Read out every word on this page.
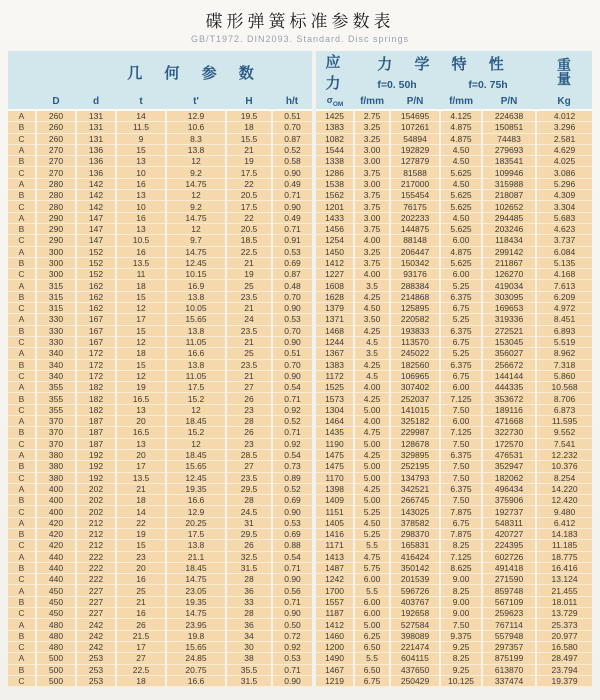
碟形弹簧标准参数表
GB/T1972. DIN2093. Standard. Disc springs
几 何 参 数							应 力	力 学 特 性				重
量

								f=0. 50h		f=0. 75h		
	D	d	t	t'	H	h/t	$\sigma_{OM}$	f/mm	P/N	f/mm	P/N	Kg
A	260	131	14	12.9	19.5	0.51	1425	2.75	154695	4.125	224638	4.012
B	260	131	11.5	10.6	18	0.70	1383	3.25	107261	4.875	150851	3.296
C	260	131	9	8.3	15.5	0.87	1082	3.25	54894	4.875	74483	2.581
A	270	136	15	13.8	21	0.52	1544	3.00	192829	4.50	279693	4.629
B	270	136	13	12	19	0.58	1338	3.00	127879	4.50	183541	4.025
C	270	136	10	9.2	17.5	0.90	1286	3.75	81588	5.625	109946	3.086
A	280	142	16	14.75	22	0.49	1538	3.00	217000	4.50	315988	5.296
B	280	142	13	12	20.5	0.71	1562	3.75	155454	5.625	218087	4.309
C	280	142	10	9.2	17.5	0.90	1201	3.75	76175	5.625	102652	3.304
A	290	147	16	14.75	22	0.49	1433	3.00	202233	4.50	294485	5.683
B	290	147	13	12	20.5	0.71	1456	3.75	144875	5.625	203246	4.623
C	290	147	10.5	9.7	18.5	0.91	1254	4.00	88148	6.00	118434	3.737
A	300	152	16	14.75	22.5	0.53	1450	3.25	206447	4.875	299142	6.084
B	300	152	13.5	12.45	21	0.69	1412	3.75	150342	5.625	211867	5.135
C	300	152	11	10.15	19	0.87	1227	4.00	93176	6.00	126270	4.168
A	315	162	18	16.9	25	0.48	1608	3.5	288384	5.25	419034	7.613
B	315	162	15	13.8	23.5	0.70	1628	4.25	214868	6.375	303095	6.209
C	315	162	12	10.05	21	0.90	1379	4.50	125895	6.75	169653	4.972
A	330	167	17	15.65	24	0.53	1371	3.50	220582	5.25	319336	8.451
B	330	167	15	13.8	23.5	0.70	1468	4.25	193833	6.375	272521	6.893
C	330	167	12	11.05	21	0.90	1244	4.5	113570	6.75	153045	5.519
A	340	172	18	16.6	25	0.51	1367	3.5	245022	5.25	356027	8.962
B	340	172	15	13.8	23.5	0.70	1383	4.25	182560	6.375	256672	7.318
C	340	172	12	11.05	21	0.90	1172	4.5	106965	6.75	144144	5.860
A	355	182	19	17.5	27	0.54	1525	4.00	307402	6.00	444335	10.568
B	355	182	16.5	15.2	26	0.71	1573	4.25	252037	7.125	353672	8.706
C	355	182	13	12	23	0.92	1304	5.00	141015	7.50	189116	6.873
A	370	187	20	18.45	28	0.52	1464	4.00	325182	6.00	471668	11.595
B	370	187	16.5	15.2	26	0.71	1435	4.75	229987	7.125	322730	9.552
C	370	187	13	12	23	0.92	1190	5.00	128678	7.50	172570	7.541
A	380	192	20	18.45	28.5	0.54	1475	4.25	329895	6.375	476531	12.232
B	380	192	17	15.65	27	0.73	1475	5.00	252195	7.50	352947	10.376
C	380	192	13.5	12.45	23.5	0.89	1170	5.00	134793	7.50	182062	8.254
A	400	202	21	19.35	29.5	0.52	1398	4.25	342521	6.375	496434	14.220
B	400	202	18	16.6	28	0.69	1409	5.00	266745	7.50	375906	12.420
C	400	202	14	12.9	24.5	0.90	1151	5.25	143025	7.875	192737	9.480
A	420	212	22	20.25	31	0.53	1405	4.50	378582	6.75	548311	6.412
B	420	212	19	17.5	29.5	0.69	1416	5.25	298370	7.875	420727	14.183
C	420	212	15	13.8	26	0.88	1171	5.5	165831	8.25	224395	11.185
A	440	222	23	21.1	32.5	0.54	1413	4.75	416424	7.125	602726	18.775
B	440	222	20	18.45	31.5	0.71	1487	5.75	350142	8.625	491418	16.416
C	440	222	16	14.75	28	0.90	1242	6.00	201539	9.00	271590	13.124
A	450	227	25	23.05	36	0.56	1700	5.5	596726	8.25	859748	21.455
B	450	227	21	19.35	33	0.71	1557	6.00	403767	9.00	567109	18.011
C	450	227	16	14.75	28	0.90	1187	6.00	192658	9.00	259623	13.729
A	480	242	26	23.95	36	0.50	1412	5.00	527584	7.50	767114	25.373
B	480	242	21.5	19.8	34	0.72	1460	6.25	398089	9.375	557948	20.977
C	480	242	17	15.65	30	0.92	1200	6.50	221474	9.25	297357	16.580
A	500	253	27	24.85	38	0.53	1490	5.5	604115	8.25	875199	28.497
B	500	253	22.5	20.75	35.5	0.71	1467	6.50	437650	9.25	613870	23.794
C	500	253	18	16.6	31.5	0.90	1219	6.75	250429	10.125	337474	19.379
